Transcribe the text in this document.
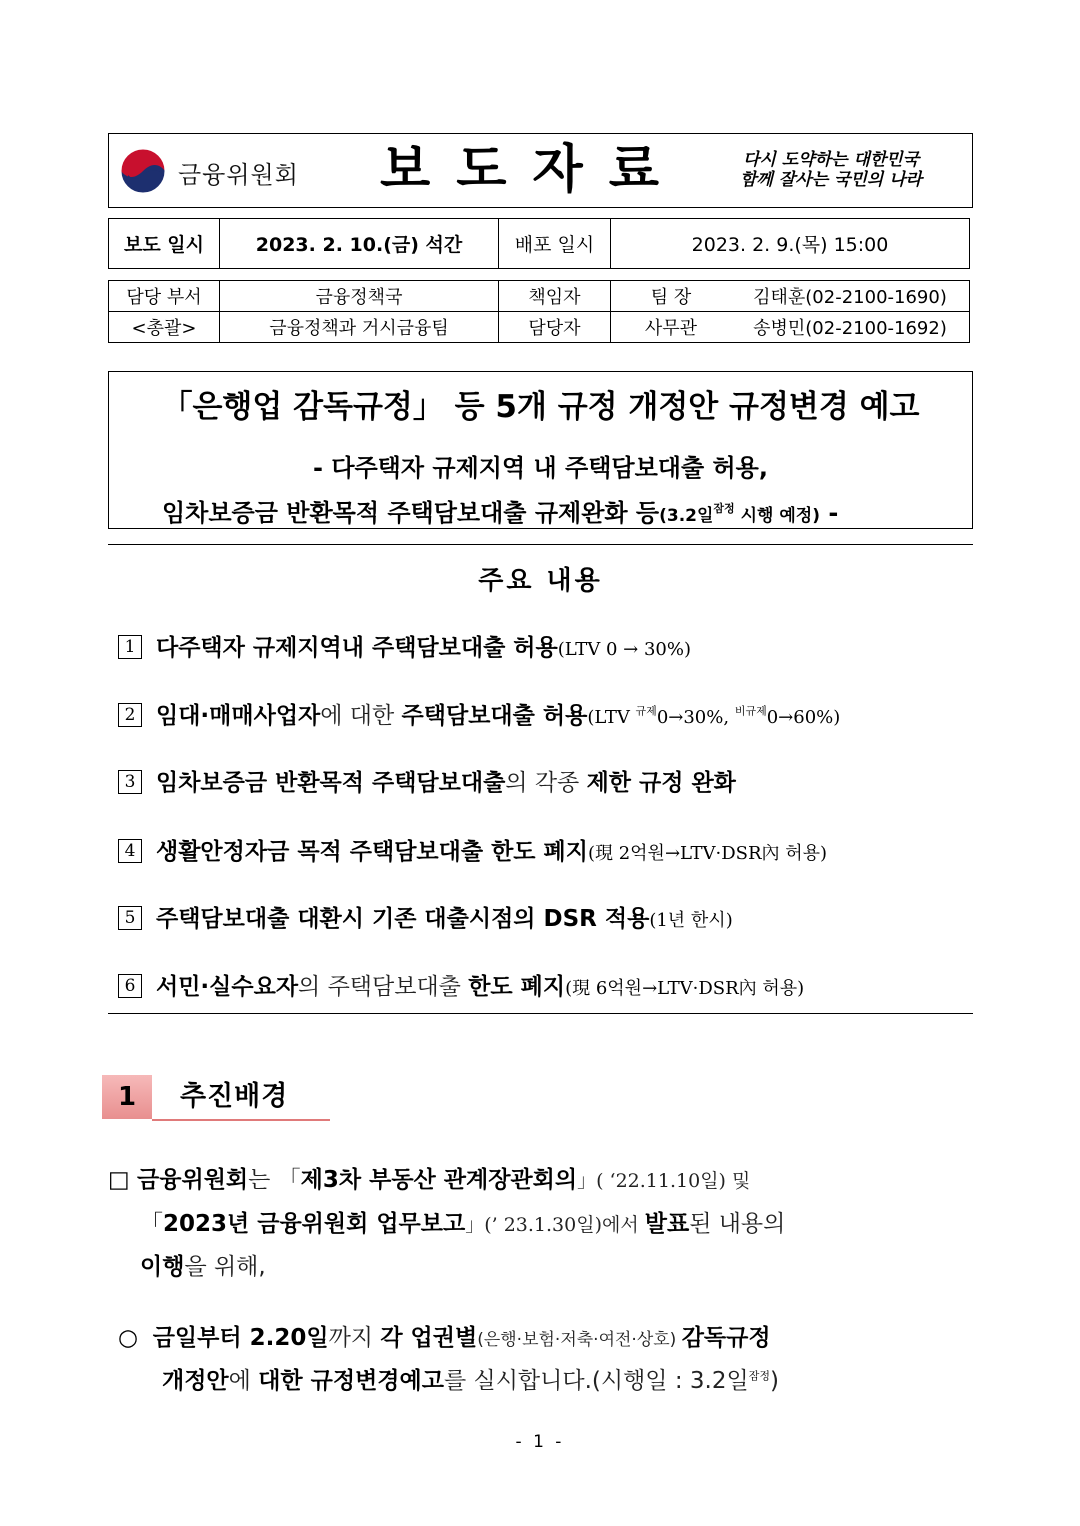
금융위원회 보도자료	다시 도약하는 대한민국
함께 잘사는 국민의 나라
보도 일시	2023. 2. 10.(금) 석간	배포 일시	2023. 2. 9.(목) 15:00
담당 부서	금융정책국	책임자	팀 장	김태훈(02-2100-1690)
<총괄>	금융정책과 거시금융팀	담당자	사무관	송병민(02-2100-1692)
「은행업 감독규정」 등 5개 규정 개정안 규정변경 예고
- 다주택자 규제지역 내 주택담보대출 허용,
임차보증금 반환목적 주택담보대출 규제완화 등(3.2일$^{잠정}$ 시행 예정) -
주요 내용
1 다주택자 규제지역내 주택담보대출 허용(LTV 0 → 30%)
2 임대·매매사업자에 대한 주택담보대출 허용(LTV $^{규제}$0→30%, $^{비규제}$0→60%)
3 임차보증금 반환목적 주택담보대출의 각종 제한 규정 완화
4 생활안정자금 목적 주택담보대출 한도 폐지(現 2억원→LTV·DSR內 허용)
5 주택담보대출 대환시 기존 대출시점의 DSR 적용(1년 한시)
6 서민·실수요자의 주택담보대출 한도 폐지(現 6억원→LTV·DSR內 허용)
1	추진배경
□ 금융위원회는 「제3차 부동산 관계장관회의」( ‘22.11.10일) 및
「2023년 금융위원회 업무보고」(’ 23.1.30일)에서 발표된 내용의
이행을 위해,
○ 금일부터 2.20일까지 각 업권별(은행·보험·저축·여전·상호) 감독규정
개정안에 대한 규정변경예고를 실시합니다.(시행일 : 3.2일$^{잠정}$)
- 1 -
